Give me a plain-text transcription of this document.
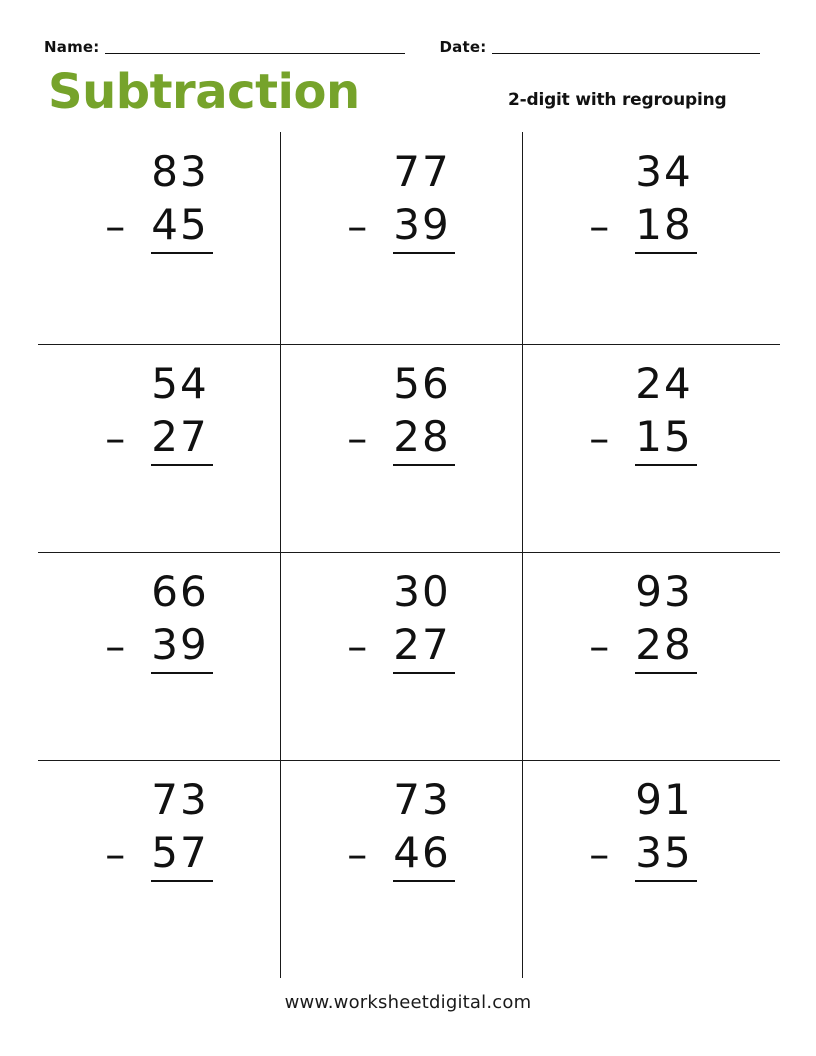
Name:	Date:
Subtraction	2-digit with regrouping
83
– 45
77
– 39
34
– 18
54
– 27
56
– 28
24
– 15
66
– 39
30
– 27
93
– 28
73
– 57
73
– 46
91
– 35
www.worksheetdigital.com
